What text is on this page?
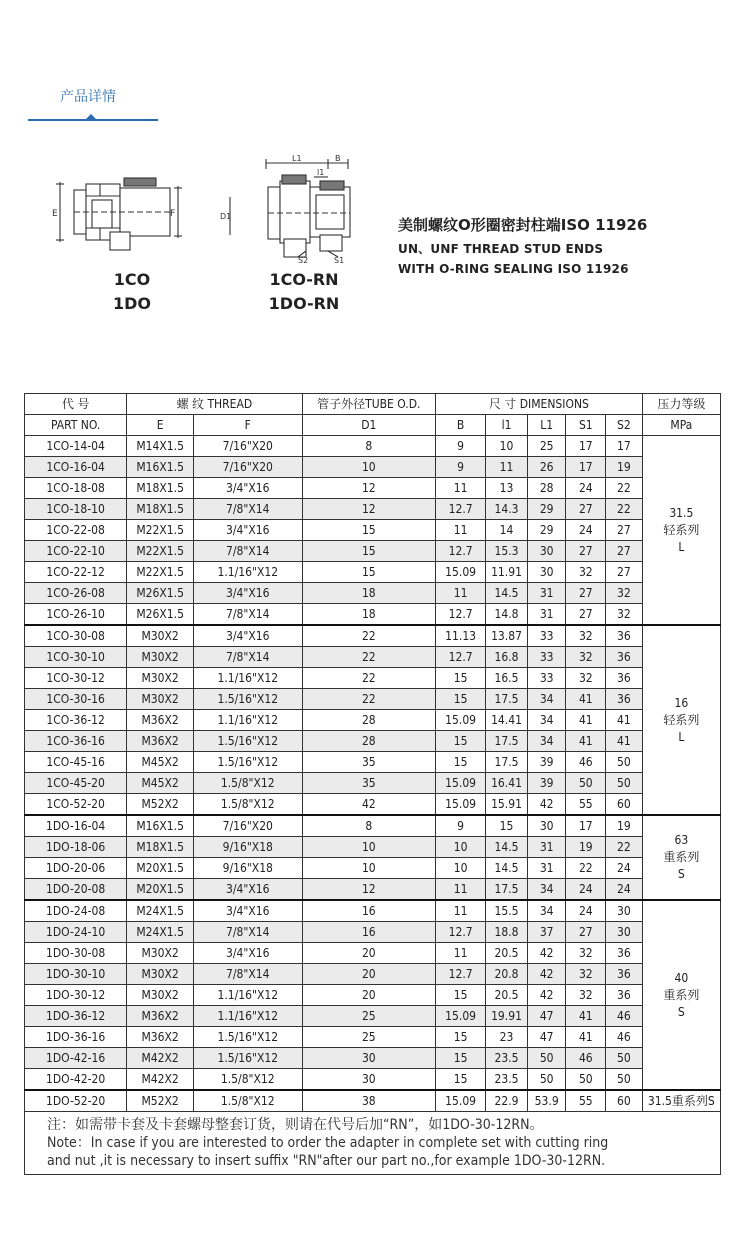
产品详情
E	F
1CO
1DO
L1	B
l1
D1
S2	S1
1CO-RN
1DO-RN
美制螺纹O形圈密封柱端ISO 11926
UN、UNF THREAD STUD ENDS
WITH O-RING SEALING ISO 11926
代 号	螺 纹 THREAD		管子外径TUBE O.D.	尺 寸 DIMENSIONS					压力等级
PART NO.	E	F	D1	B	l1	L1	S1	S2	MPa
1CO-14-04	M14X1.5	7/16"X20	8	9	10	25	17	17	31.5
轻系列
L

1CO-16-04	M16X1.5	7/16"X20	10	9	11	26	17	19	
1CO-18-08	M18X1.5	3/4"X16	12	11	13	28	24	22	
1CO-18-10	M18X1.5	7/8"X14	12	12.7	14.3	29	27	22	
1CO-22-08	M22X1.5	3/4"X16	15	11	14	29	24	27	
1CO-22-10	M22X1.5	7/8"X14	15	12.7	15.3	30	27	27	
1CO-22-12	M22X1.5	1.1/16"X12	15	15.09	11.91	30	32	27	
1CO-26-08	M26X1.5	3/4"X16	18	11	14.5	31	27	32	
1CO-26-10	M26X1.5	7/8"X14	18	12.7	14.8	31	27	32	
1CO-30-08	M30X2	3/4"X16	22	11.13	13.87	33	32	36	16
轻系列
L

1CO-30-10	M30X2	7/8"X14	22	12.7	16.8	33	32	36	
1CO-30-12	M30X2	1.1/16"X12	22	15	16.5	33	32	36	
1CO-30-16	M30X2	1.5/16"X12	22	15	17.5	34	41	36	
1CO-36-12	M36X2	1.1/16"X12	28	15.09	14.41	34	41	41	
1CO-36-16	M36X2	1.5/16"X12	28	15	17.5	34	41	41	
1CO-45-16	M45X2	1.5/16"X12	35	15	17.5	39	46	50	
1CO-45-20	M45X2	1.5/8"X12	35	15.09	16.41	39	50	50	
1CO-52-20	M52X2	1.5/8"X12	42	15.09	15.91	42	55	60	
1DO-16-04	M16X1.5	7/16"X20	8	9	15	30	17	19	63
重系列
S

1DO-18-06	M18X1.5	9/16"X18	10	10	14.5	31	19	22	
1DO-20-06	M20X1.5	9/16"X18	10	10	14.5	31	22	24	
1DO-20-08	M20X1.5	3/4"X16	12	11	17.5	34	24	24	
1DO-24-08	M24X1.5	3/4"X16	16	11	15.5	34	24	30	40
重系列
S

1DO-24-10	M24X1.5	7/8"X14	16	12.7	18.8	37	27	30	
1DO-30-08	M30X2	3/4"X16	20	11	20.5	42	32	36	
1DO-30-10	M30X2	7/8"X14	20	12.7	20.8	42	32	36	
1DO-30-12	M30X2	1.1/16"X12	20	15	20.5	42	32	36	
1DO-36-12	M36X2	1.1/16"X12	25	15.09	19.91	47	41	46	
1DO-36-16	M36X2	1.5/16"X12	25	15	23	47	41	46	
1DO-42-16	M42X2	1.5/16"X12	30	15	23.5	50	46	50	
1DO-42-20	M42X2	1.5/8"X12	30	15	23.5	50	50	50	
1DO-52-20	M52X2	1.5/8"X12	38	15.09	22.9	53.9	55	60	31.5重系列S

注：如需带卡套及卡套螺母整套订货，则请在代号后加“RN”，如1DO-30-12RN。
Note：In case if you are interested to order the adapter in complete set with cutting ring
and nut ,it is necessary to insert suffix "RN"after our part no.,for example 1DO-30-12RN.									
